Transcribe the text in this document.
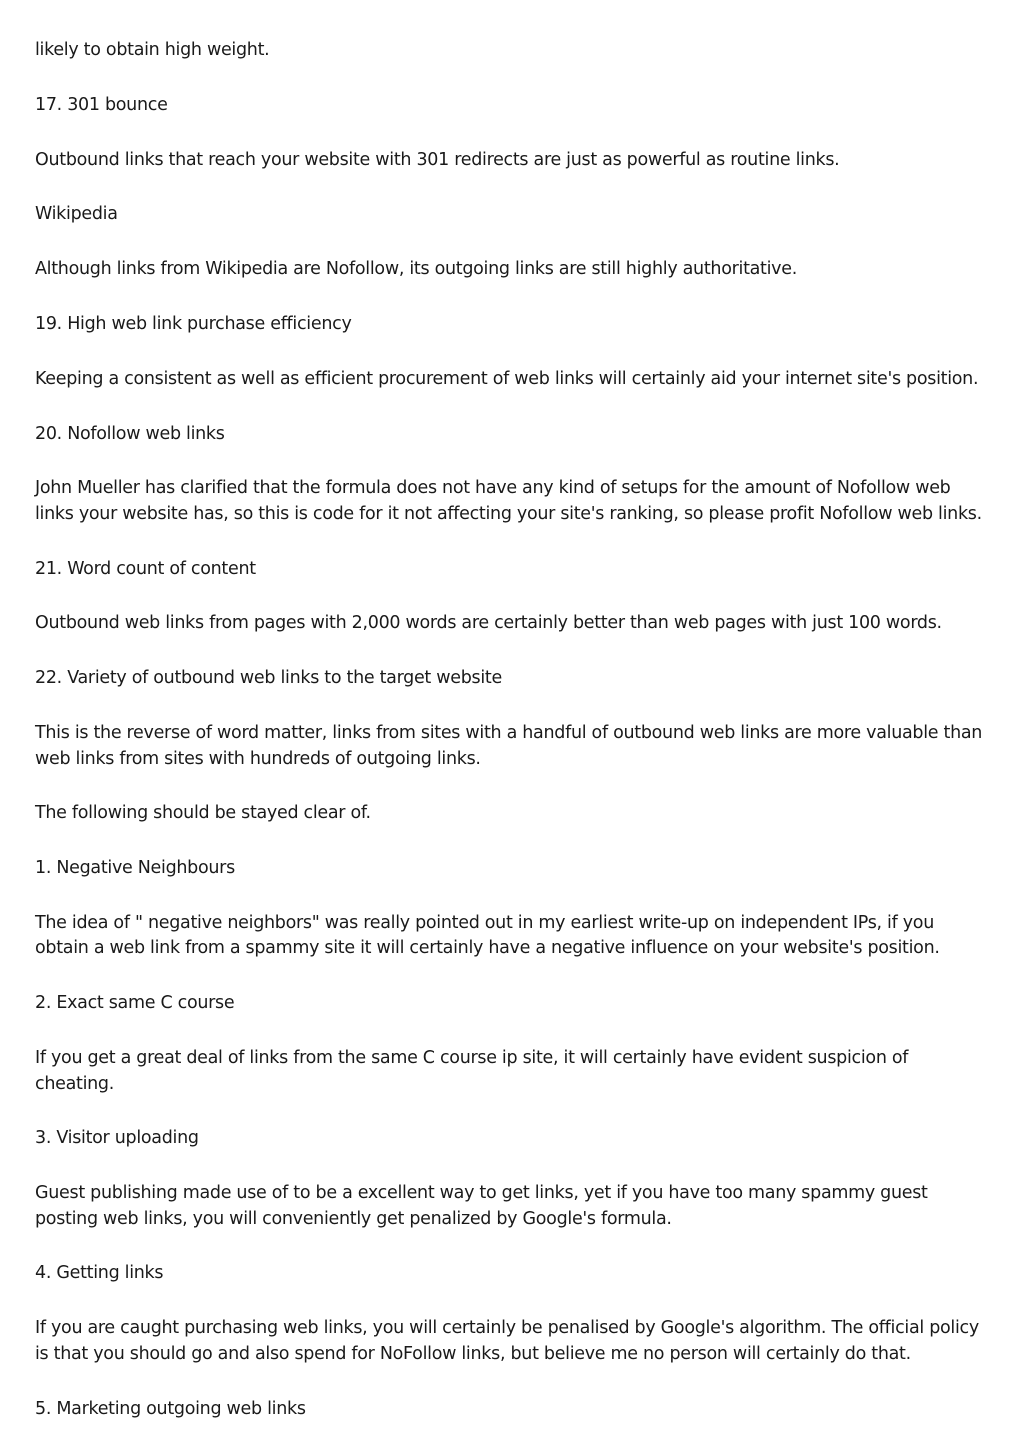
likely to obtain high weight.

17. 301 bounce

Outbound links that reach your website with 301 redirects are just as powerful as routine links.

Wikipedia

Although links from Wikipedia are Nofollow, its outgoing links are still highly authoritative.

19. High web link purchase efficiency

Keeping a consistent as well as efficient procurement of web links will certainly aid your internet site's position.

20. Nofollow web links

John Mueller has clarified that the formula does not have any kind of setups for the amount of Nofollow web links your website has, so this is code for it not affecting your site's ranking, so please profit Nofollow web links.

21. Word count of content

Outbound web links from pages with 2,000 words are certainly better than web pages with just 100 words.

22. Variety of outbound web links to the target website

This is the reverse of word matter, links from sites with a handful of outbound web links are more valuable than web links from sites with hundreds of outgoing links.

The following should be stayed clear of.

1. Negative Neighbours

The idea of " negative neighbors" was really pointed out in my earliest write-up on independent IPs, if you obtain a web link from a spammy site it will certainly have a negative influence on your website's position.

2. Exact same C course

If you get a great deal of links from the same C course ip site, it will certainly have evident suspicion of cheating.

3. Visitor uploading

Guest publishing made use of to be a excellent way to get links, yet if you have too many spammy guest posting web links, you will conveniently get penalized by Google's formula.

4. Getting links

If you are caught purchasing web links, you will certainly be penalised by Google's algorithm. The official policy is that you should go and also spend for NoFollow links, but believe me no person will certainly do that.

5. Marketing outgoing web links
